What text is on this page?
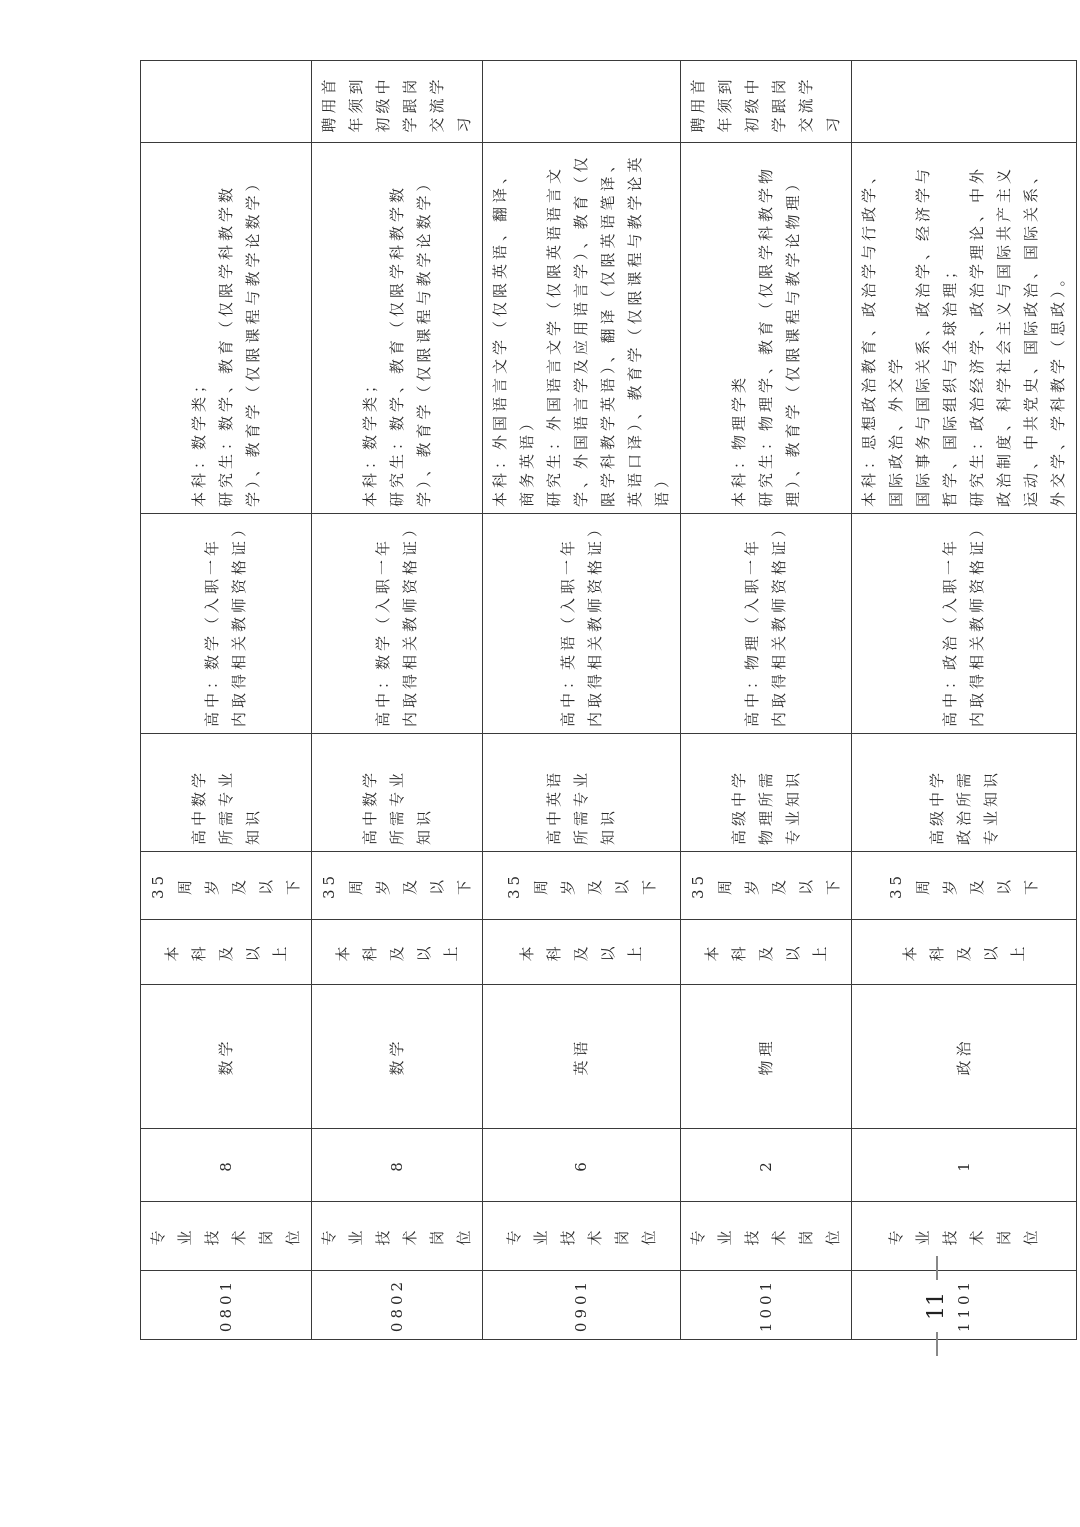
0801	专业技术岗位	8	数学	本科及以上	35周岁及以下	高中数学所需专业知识	高中：数学（入职一年内取得相关教师资格证）	本科：数学类； 研究生：数学、教育（仅限学科教学数学）、教育学（仅限课程与教学论数学）	

0802	专业技术岗位	8	数学	本科及以上	35周岁及以下	高中数学所需专业知识	高中：数学（入职一年内取得相关教师资格证）	本科：数学类； 研究生：数学、教育（仅限学科教学数学）、教育学（仅限课程与教学论数学）	聘用首年须到初级中学跟岗交流学习
0901	专业技术岗位	6	英语	本科及以上	35周岁及以下	高中英语所需专业知识	高中：英语（入职一年内取得相关教师资格证）	本科：外国语言文学（仅限英语、翻译、商务英语） 研究生：外国语言文学（仅限英语语言文学、外国语言学及应用语言学）、教育（仅限学科教学英语）、翻译（仅限英语笔译、英语口译）、教育学（仅限课程与教学论英语）	

1001	专业技术岗位	2	物理	本科及以上	35周岁及以下	高级中学物理所需专业知识	高中：物理（入职一年内取得相关教师资格证）	本科：物理学类 研究生：物理学、教育（仅限学科教学物理）、教育学（仅限课程与教学论物理）	聘用首年须到初级中学跟岗交流学习
1101	专业技术岗位	1	政治	本科及以上	35周岁及以下	高级中学政治所需专业知识	高中：政治（入职一年内取得相关教师资格证）	本科：思想政治教育、政治学与行政学、国际政治、外交学 国际事务与国际关系、政治学、经济学与哲学、国际组织与全球治理； 研究生：政治经济学、政治学理论、中外政治制度、科学社会主义与国际共产主义运动、中共党史、国际政治、国际关系、外交学、学科教学（思政）。	

11
